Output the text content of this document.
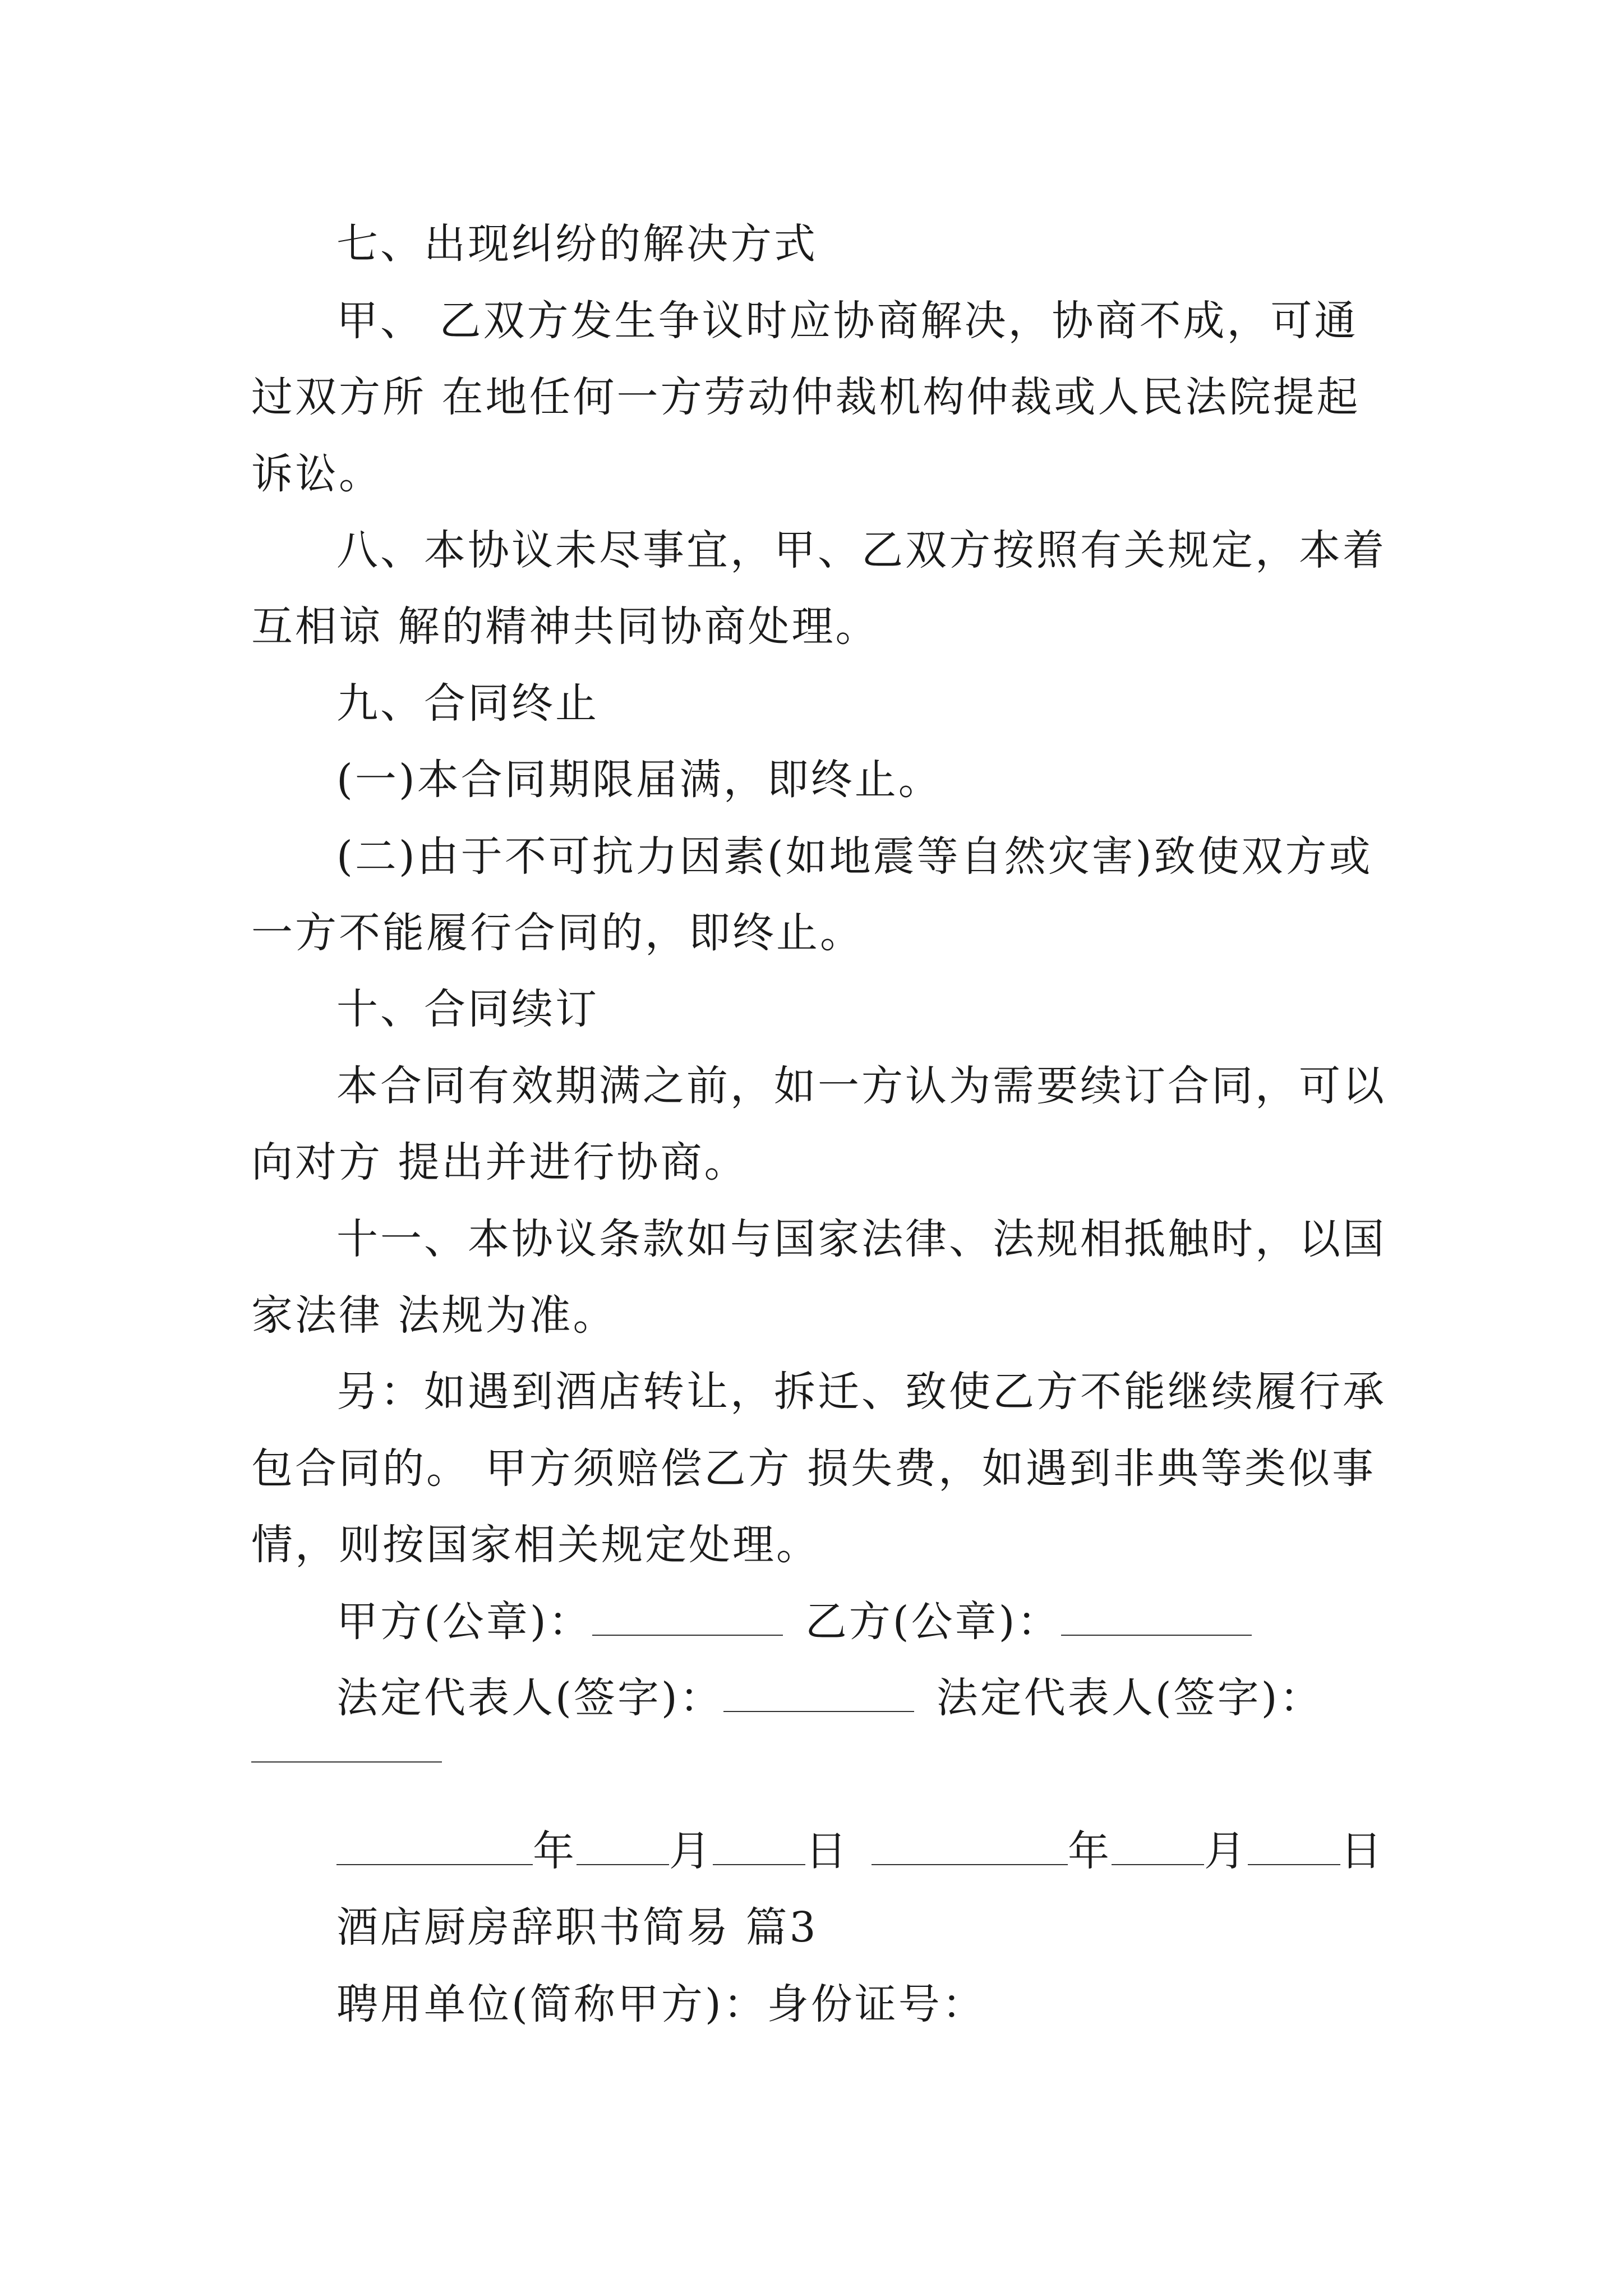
七、出现纠纷的解决方式
甲、 乙双方发生争议时应协商解决，协商不成，可通
过双方所 在地任何一方劳动仲裁机构仲裁或人民法院提起
诉讼。
八、本协议未尽事宜，甲、乙双方按照有关规定，本着
互相谅 解的精神共同协商处理。
九、合同终止
(一)本合同期限届满，即终止。
(二)由于不可抗力因素(如地震等自然灾害)致使双方或
一方不能履行合同的，即终止。
十、合同续订
本合同有效期满之前，如一方认为需要续订合同，可以
向对方 提出并进行协商。
十一、本协议条款如与国家法律、法规相抵触时，以国
家法律 法规为准。
另：如遇到酒店转让，拆迁、致使乙方不能继续履行承
包合同的。 甲方须赔偿乙方 损失费，如遇到非典等类似事
情，则按国家相关规定处理。
甲方(公章)：	乙方(公章)：
法定代表人(签字)：	法定代表人(签字)：
年 月 日	年 月 日
酒店厨房辞职书简易 篇3
聘用单位(简称甲方)：身份证号：
